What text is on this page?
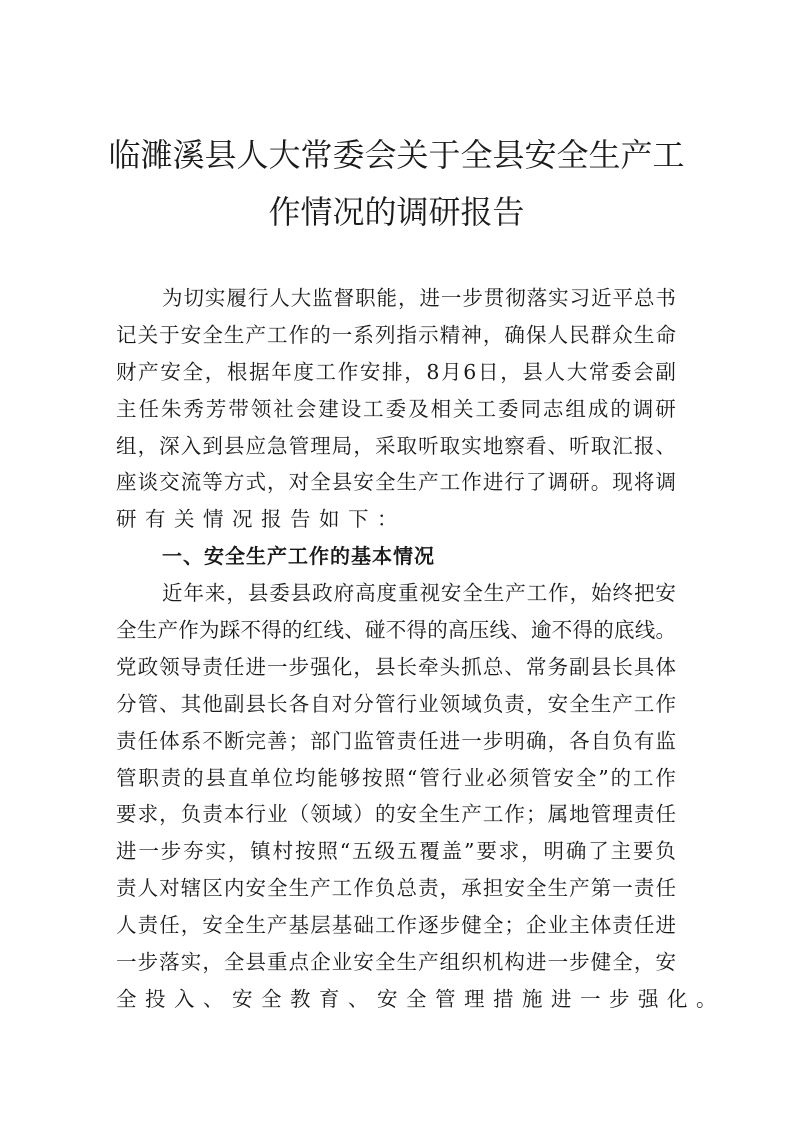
临濉溪县人大常委会关于全县安全生产工
作情况的调研报告
为 切 实 履 行 人 大 监 督 职 能 ， 进 一 步 贯 彻 落 实 习 近 平 总 书
记 关 于 安 全 生 产 工 作 的 一 系 列 指 示 精 神 ， 确 保 人 民 群 众 生 命
财 产 安 全 ， 根 据 年 度 工 作 安 排 ， 8 月 6 日 ， 县 人 大 常 委 会 副
主 任 朱 秀 芳 带 领 社 会 建 设 工 委 及 相 关 工 委 同 志 组 成 的 调 研
组 ， 深 入 到 县 应 急 管 理 局 ， 采 取 听 取 实 地 察 看 、 听 取 汇 报 、
座 谈 交 流 等 方 式 ， 对 全 县 安 全 生 产 工 作 进 行 了 调 研 。 现 将 调
研有关情况报告如下：
一、安全生产工作的基本情况
近 年 来 ， 县 委 县 政 府 高 度 重 视 安 全 生 产 工 作 ， 始 终 把 安
全 生 产 作 为 踩 不 得 的 红 线 、 碰 不 得 的 高 压 线 、 逾 不 得 的 底 线 。
党 政 领 导 责 任 进 一 步 强 化 ， 县 长 牵 头 抓 总 、 常 务 副 县 长 具 体
分 管 、 其 他 副 县 长 各 自 对 分 管 行 业 领 域 负 责 ， 安 全 生 产 工 作
责 任 体 系 不 断 完 善 ； 部 门 监 管 责 任 进 一 步 明 确 ， 各 自 负 有 监
管 职 责 的 县 直 单 位 均 能 够 按 照 “ 管 行 业 必 须 管 安 全 ” 的 工 作
要 求 ， 负 责 本 行 业 （ 领 域 ） 的 安 全 生 产 工 作 ； 属 地 管 理 责 任
进 一 步 夯 实 ， 镇 村 按 照 “ 五 级 五 覆 盖 ” 要 求 ， 明 确 了 主 要 负
责 人 对 辖 区 内 安 全 生 产 工 作 负 总 责 ， 承 担 安 全 生 产 第 一 责 任
人 责 任 ， 安 全 生 产 基 层 基 础 工 作 逐 步 健 全 ； 企 业 主 体 责 任 进
一 步 落 实 ， 全 县 重 点 企 业 安 全 生 产 组 织 机 构 进 一 步 健 全 ， 安
全投入、安全教育、安全管理措施进一步强化。
